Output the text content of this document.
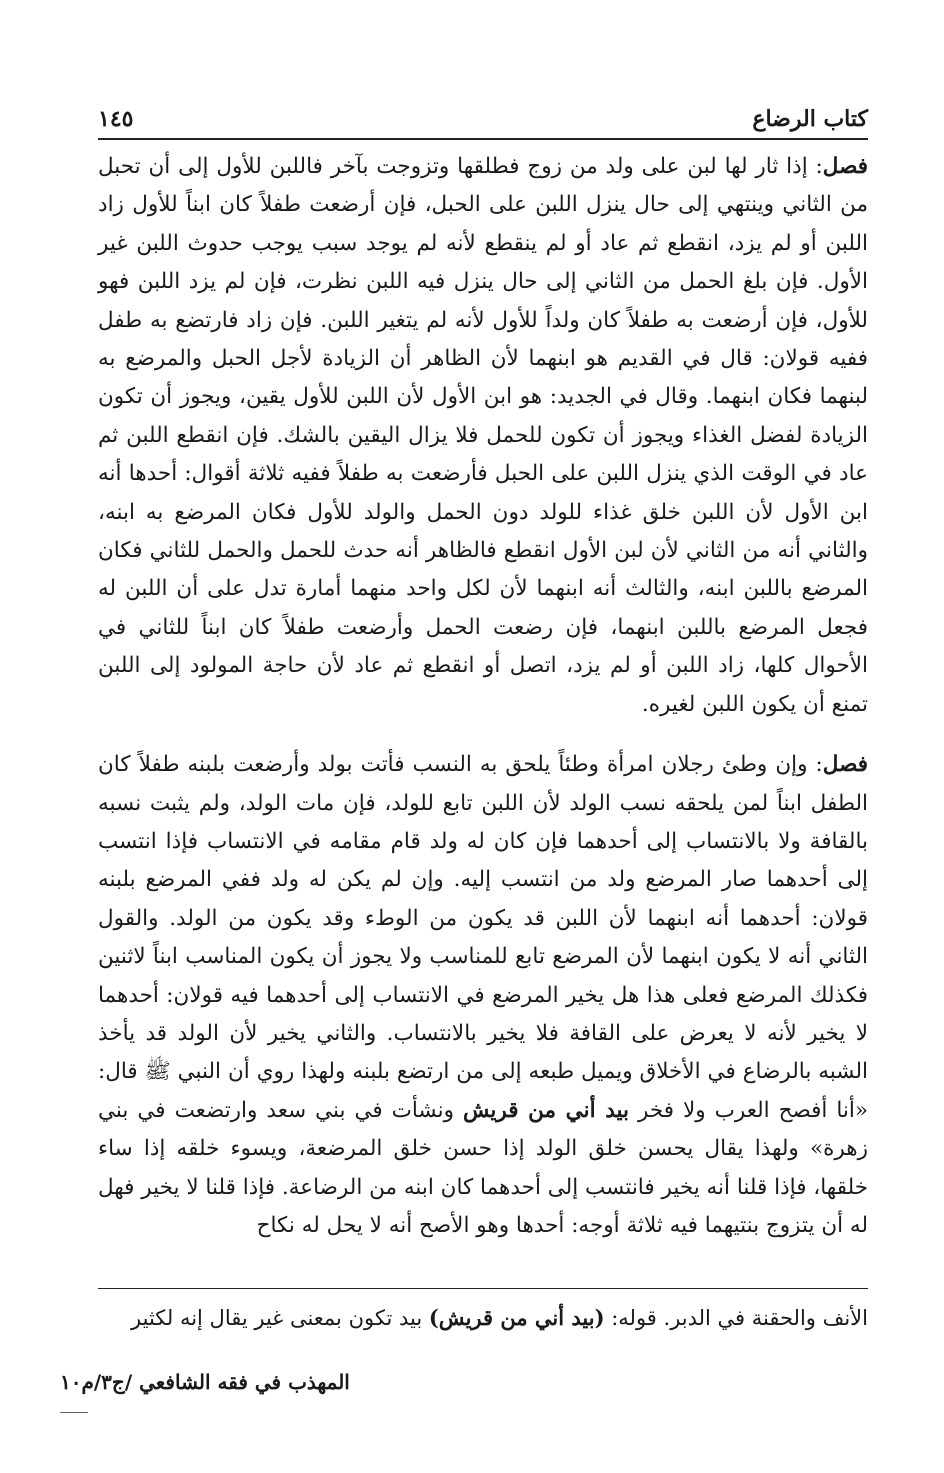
كتاب الرضاع
١٤٥

فصل: إذا ثار لها لبن على ولد من زوج فطلقها وتزوجت بآخر فاللبن للأول إلى أن تحبل من الثاني وينتهي إلى حال ينزل اللبن على الحبل، فإن أرضعت طفلاً كان ابناً للأول زاد اللبن أو لم يزد، انقطع ثم عاد أو لم ينقطع لأنه لم يوجد سبب يوجب حدوث اللبن غير الأول. فإن بلغ الحمل من الثاني إلى حال ينزل فيه اللبن نظرت، فإن لم يزد اللبن فهو للأول، فإن أرضعت به طفلاً كان ولداً للأول لأنه لم يتغير اللبن. فإن زاد فارتضع به طفل ففيه قولان: قال في القديم هو ابنهما لأن الظاهر أن الزيادة لأجل الحبل والمرضع به لبنهما فكان ابنهما. وقال في الجديد: هو ابن الأول لأن اللبن للأول يقين، ويجوز أن تكون الزيادة لفضل الغذاء ويجوز أن تكون للحمل فلا يزال اليقين بالشك. فإن انقطع اللبن ثم عاد في الوقت الذي ينزل اللبن على الحبل فأرضعت به طفلاً ففيه ثلاثة أقوال: أحدها أنه ابن الأول لأن اللبن خلق غذاء للولد دون الحمل والولد للأول فكان المرضع به ابنه، والثاني أنه من الثاني لأن لبن الأول انقطع فالظاهر أنه حدث للحمل والحمل للثاني فكان المرضع باللبن ابنه، والثالث أنه ابنهما لأن لكل واحد منهما أمارة تدل على أن اللبن له فجعل المرضع باللبن ابنهما، فإن رضعت الحمل وأرضعت طفلاً كان ابناً للثاني في الأحوال كلها، زاد اللبن أو لم يزد، اتصل أو انقطع ثم عاد لأن حاجة المولود إلى اللبن تمنع أن يكون اللبن لغيره.

فصل: وإن وطئ رجلان امرأة وطئاً يلحق به النسب فأتت بولد وأرضعت بلبنه طفلاً كان الطفل ابناً لمن يلحقه نسب الولد لأن اللبن تابع للولد، فإن مات الولد، ولم يثبت نسبه بالقافة ولا بالانتساب إلى أحدهما فإن كان له ولد قام مقامه في الانتساب فإذا انتسب إلى أحدهما صار المرضع ولد من انتسب إليه. وإن لم يكن له ولد ففي المرضع بلبنه قولان: أحدهما أنه ابنهما لأن اللبن قد يكون من الوطء وقد يكون من الولد. والقول الثاني أنه لا يكون ابنهما لأن المرضع تابع للمناسب ولا يجوز أن يكون المناسب ابناً لاثنين فكذلك المرضع فعلى هذا هل يخير المرضع في الانتساب إلى أحدهما فيه قولان: أحدهما لا يخير لأنه لا يعرض على القافة فلا يخير بالانتساب. والثاني يخير لأن الولد قد يأخذ الشبه بالرضاع في الأخلاق ويميل طبعه إلى من ارتضع بلبنه ولهذا روي أن النبي ﷺ قال: «أنا أفصح العرب ولا فخر بيد أني من قريش ونشأت في بني سعد وارتضعت في بني زهرة» ولهذا يقال يحسن خلق الولد إذا حسن خلق المرضعة، ويسوء خلقه إذا ساء خلقها، فإذا قلنا أنه يخير فانتسب إلى أحدهما كان ابنه من الرضاعة. فإذا قلنا لا يخير فهل له أن يتزوج بنتيهما فيه ثلاثة أوجه: أحدها وهو الأصح أنه لا يحل له نكاح

الأنف والحقنة في الدبر. قوله: (بيد أني من قريش) بيد تكون بمعنى غير يقال إنه لكثير
المهذب في فقه الشافعي /ج٣/م١٠
